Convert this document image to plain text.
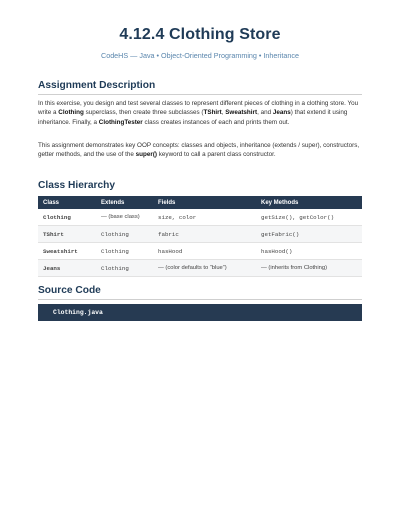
4.12.4 Clothing Store
CodeHS — Java • Object-Oriented Programming • Inheritance
Assignment Description
In this exercise, you design and test several classes to represent different pieces of clothing in a clothing store. You write a Clothing superclass, then create three subclasses (TShirt, Sweatshirt, and Jeans) that extend it using inheritance. Finally, a ClothingTester class creates instances of each and prints them out.
This assignment demonstrates key OOP concepts: classes and objects, inheritance (extends / super), constructors, getter methods, and the use of the super() keyword to call a parent class constructor.
Class Hierarchy
Class	Extends	Fields	Key Methods
Clothing	— (base class)	size, color	getSize(), getColor()
TShirt	Clothing	fabric	getFabric()
Sweatshirt	Clothing	hasHood	hasHood()
Jeans	Clothing	— (color defaults to “blue”)	— (inherits from Clothing)
Source Code
Clothing.java
